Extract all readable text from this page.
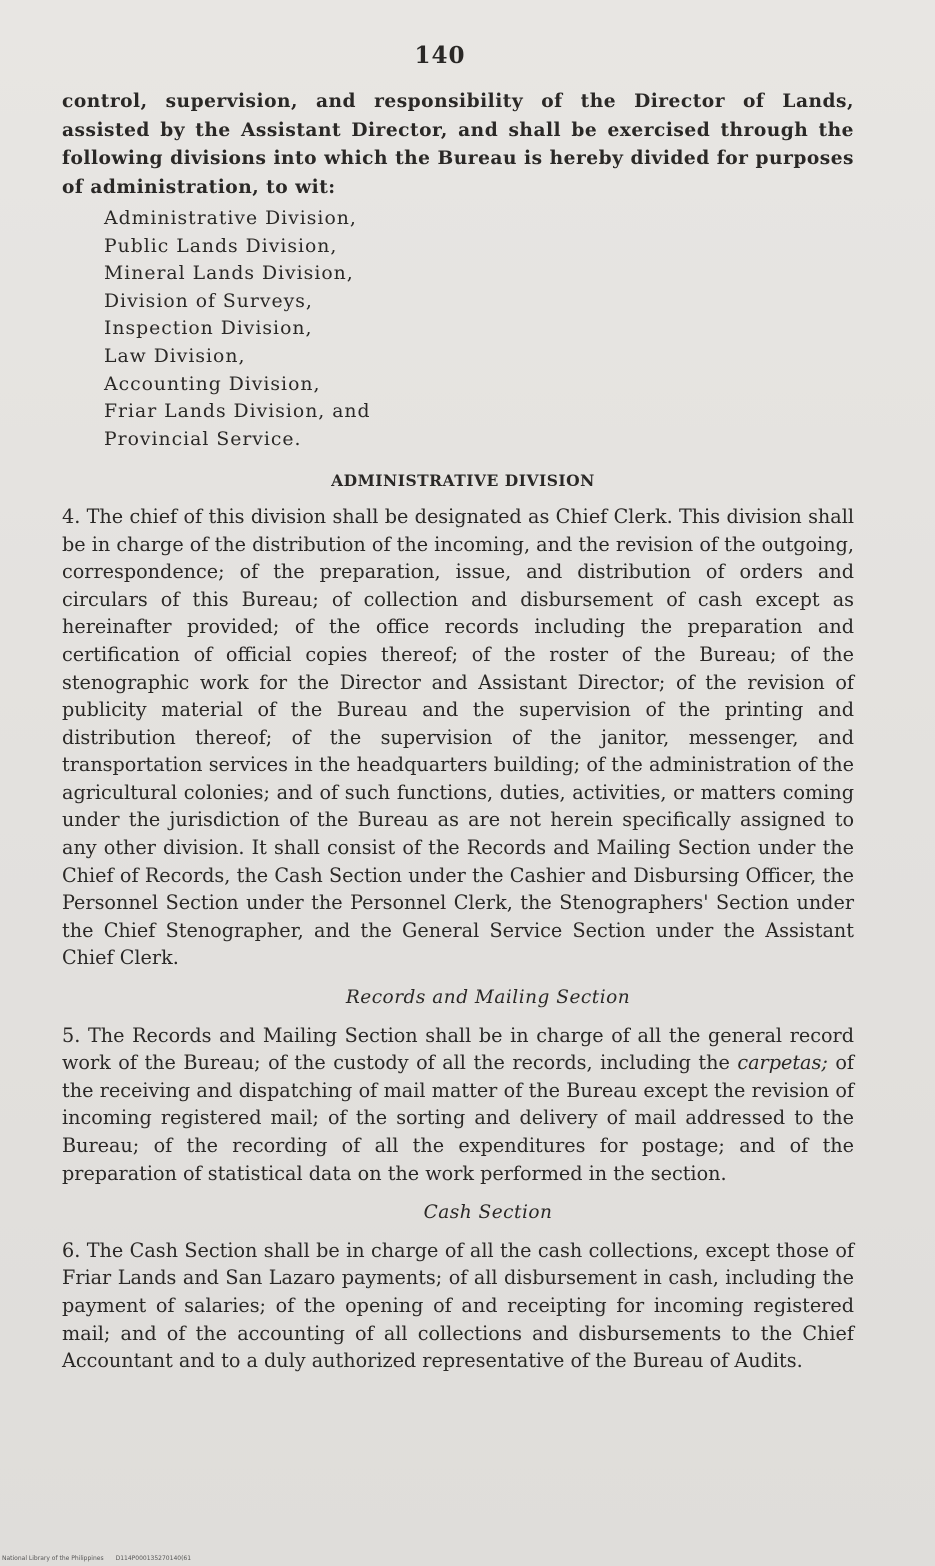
140

control, supervision, and responsibility of the Director of Lands, assisted by the Assistant Director, and shall be exercised through the following divisions into which the Bureau is hereby divided for purposes of administration, to wit:

Administrative Division,
Public Lands Division,
Mineral Lands Division,
Division of Surveys,
Inspection Division,
Law Division,
Accounting Division,
Friar Lands Division, and
Provincial Service.
ADMINISTRATIVE DIVISION

4. The chief of this division shall be designated as Chief Clerk. This division shall be in charge of the distribution of the incoming, and the revision of the outgoing, correspondence; of the preparation, issue, and distribution of orders and circulars of this Bureau; of collection and disbursement of cash except as hereinafter provided; of the office records including the preparation and certification of official copies thereof; of the roster of the Bureau; of the stenographic work for the Director and Assistant Director; of the revision of publicity material of the Bureau and the supervision of the printing and distribution thereof; of the supervision of the janitor, messenger, and transportation services in the headquarters building; of the administration of the agricultural colonies; and of such functions, duties, activities, or matters coming under the jurisdiction of the Bureau as are not herein specifically assigned to any other division. It shall consist of the Records and Mailing Section under the Chief of Records, the Cash Section under the Cashier and Disbursing Officer, the Personnel Section under the Personnel Clerk, the Stenographers' Section under the Chief Stenographer, and the General Service Section under the Assistant Chief Clerk.

Records and Mailing Section

5. The Records and Mailing Section shall be in charge of all the general record work of the Bureau; of the custody of all the records, including the carpetas; of the receiving and dispatching of mail matter of the Bureau except the revision of incoming registered mail; of the sorting and delivery of mail addressed to the Bureau; of the recording of all the expenditures for postage; and of the preparation of statistical data on the work performed in the section.

Cash Section

6. The Cash Section shall be in charge of all the cash collections, except those of Friar Lands and San Lazaro payments; of all disbursement in cash, including the payment of salaries; of the opening of and receipting for incoming registered mail; and of the accounting of all collections and disbursements to the Chief Accountant and to a duly authorized representative of the Bureau of Audits.

National Library of the Philippines D114P000135270140(61
